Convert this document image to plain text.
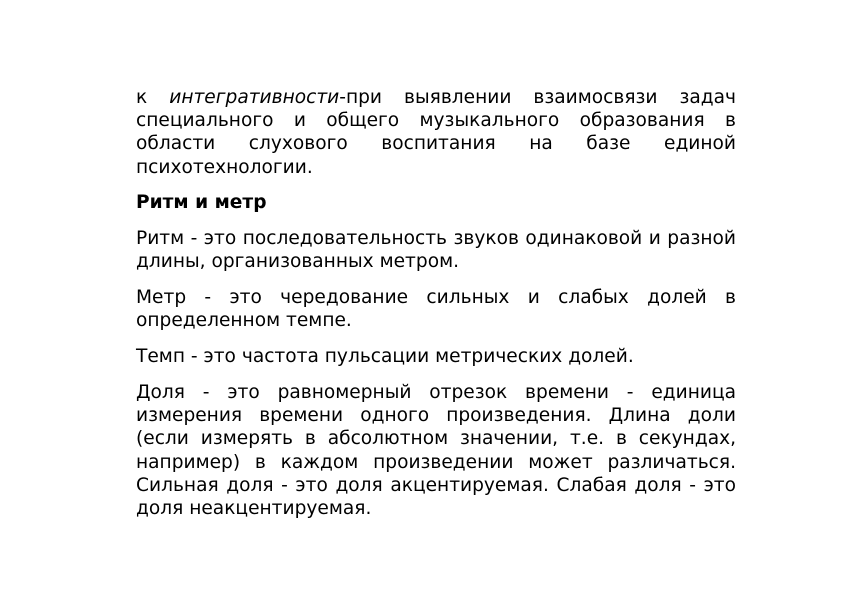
к интегративности-при выявлении взаимосвязи задач специального и общего музыкального образования в области слухового воспитания на базе единой психотехнологии.

Ритм и метр

Ритм - это последовательность звуков одинаковой и разной длины, организованных метром.

Метр - это чередование сильных и слабых долей в определенном темпе.

Темп - это частота пульсации метрических долей.

Доля - это равномерный отрезок времени - единица измерения времени одного произведения. Длина доли (если измерять в абсолютном значении, т.е. в секундах, например) в каждом произведении может различаться. Сильная доля - это доля акцентируемая. Слабая доля - это доля неакцентируемая.
